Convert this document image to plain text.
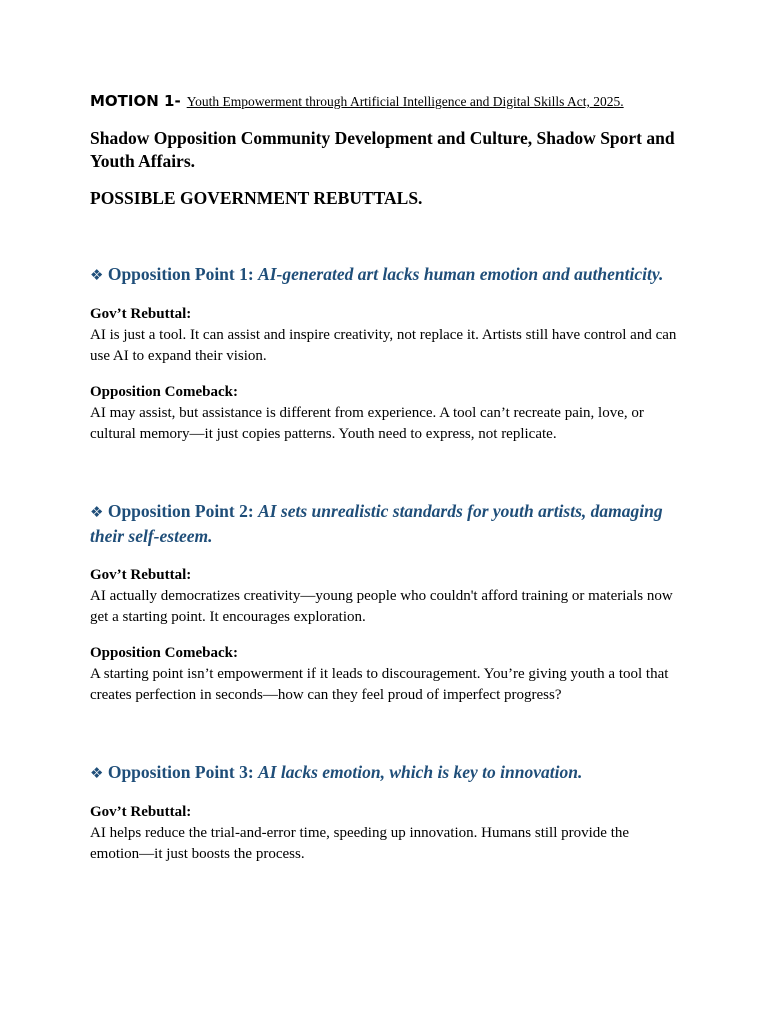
MOTION 1- Youth Empowerment through Artificial Intelligence and Digital Skills Act, 2025.

Shadow Opposition Community Development and Culture, Shadow Sport and Youth Affairs.

POSSIBLE GOVERNMENT REBUTTALS.

❖ Opposition Point 1: AI-generated art lacks human emotion and authenticity.

Gov’t Rebuttal:
AI is just a tool. It can assist and inspire creativity, not replace it. Artists still have control and can use AI to expand their vision.
Opposition Comeback:
AI may assist, but assistance is different from experience. A tool can’t recreate pain, love, or cultural memory—it just copies patterns. Youth need to express, not replicate.

❖ Opposition Point 2: AI sets unrealistic standards for youth artists, damaging their self-esteem.

Gov’t Rebuttal:
AI actually democratizes creativity—young people who couldn't afford training or materials now get a starting point. It encourages exploration.
Opposition Comeback:
A starting point isn’t empowerment if it leads to discouragement. You’re giving youth a tool that creates perfection in seconds—how can they feel proud of imperfect progress?

❖ Opposition Point 3: AI lacks emotion, which is key to innovation.

Gov’t Rebuttal:
AI helps reduce the trial-and-error time, speeding up innovation. Humans still provide the emotion—it just boosts the process.
